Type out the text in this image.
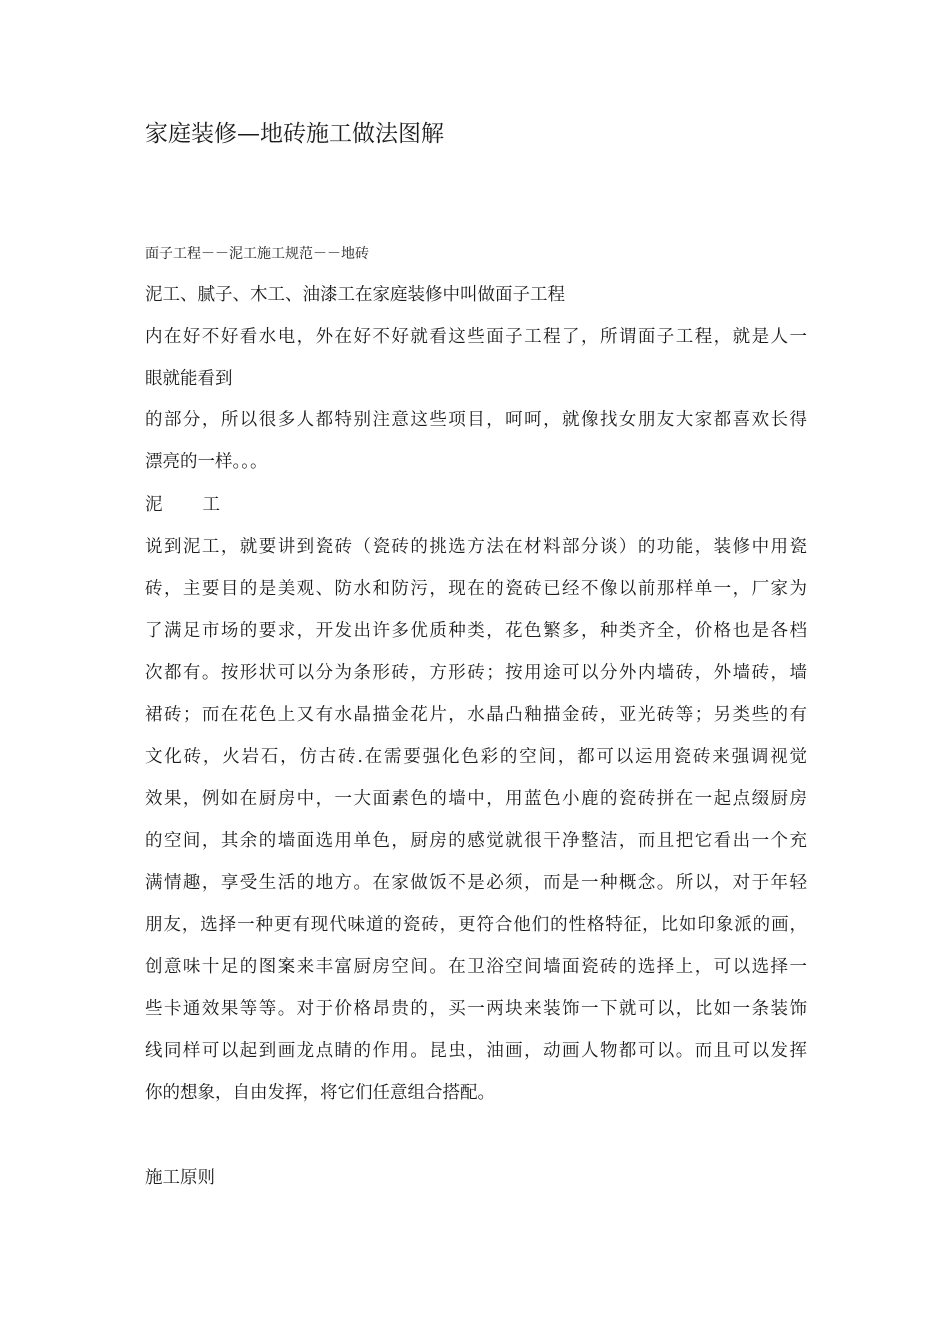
家庭装修—地砖施工做法图解

面子工程－－泥工施工规范－－地砖

泥工、腻子、木工、油漆工在家庭装修中叫做面子工程

内在好不好看水电，外在好不好就看这些面子工程了，所谓面子工程，就是人一

眼就能看到

的部分，所以很多人都特别注意这些项目，呵呵，就像找女朋友大家都喜欢长得

漂亮的一样。。。

泥 工

说到泥工，就要讲到瓷砖（瓷砖的挑选方法在材料部分谈）的功能，装修中用瓷

砖，主要目的是美观、防水和防污，现在的瓷砖已经不像以前那样单一，厂家为

了满足市场的要求，开发出许多优质种类，花色繁多，种类齐全，价格也是各档

次都有。按形状可以分为条形砖，方形砖；按用途可以分外内墙砖，外墙砖，墙

裙砖；而在花色上又有水晶描金花片，水晶凸釉描金砖，亚光砖等；另类些的有

文化砖，火岩石，仿古砖.在需要强化色彩的空间，都可以运用瓷砖来强调视觉

效果，例如在厨房中，一大面素色的墙中，用蓝色小鹿的瓷砖拼在一起点缀厨房

的空间，其余的墙面选用单色，厨房的感觉就很干净整洁，而且把它看出一个充

满情趣，享受生活的地方。在家做饭不是必须，而是一种概念。所以，对于年轻

朋友，选择一种更有现代味道的瓷砖，更符合他们的性格特征，比如印象派的画，

创意味十足的图案来丰富厨房空间。在卫浴空间墙面瓷砖的选择上，可以选择一

些卡通效果等等。对于价格昂贵的，买一两块来装饰一下就可以，比如一条装饰

线同样可以起到画龙点睛的作用。昆虫，油画，动画人物都可以。而且可以发挥

你的想象，自由发挥，将它们任意组合搭配。

施工原则
